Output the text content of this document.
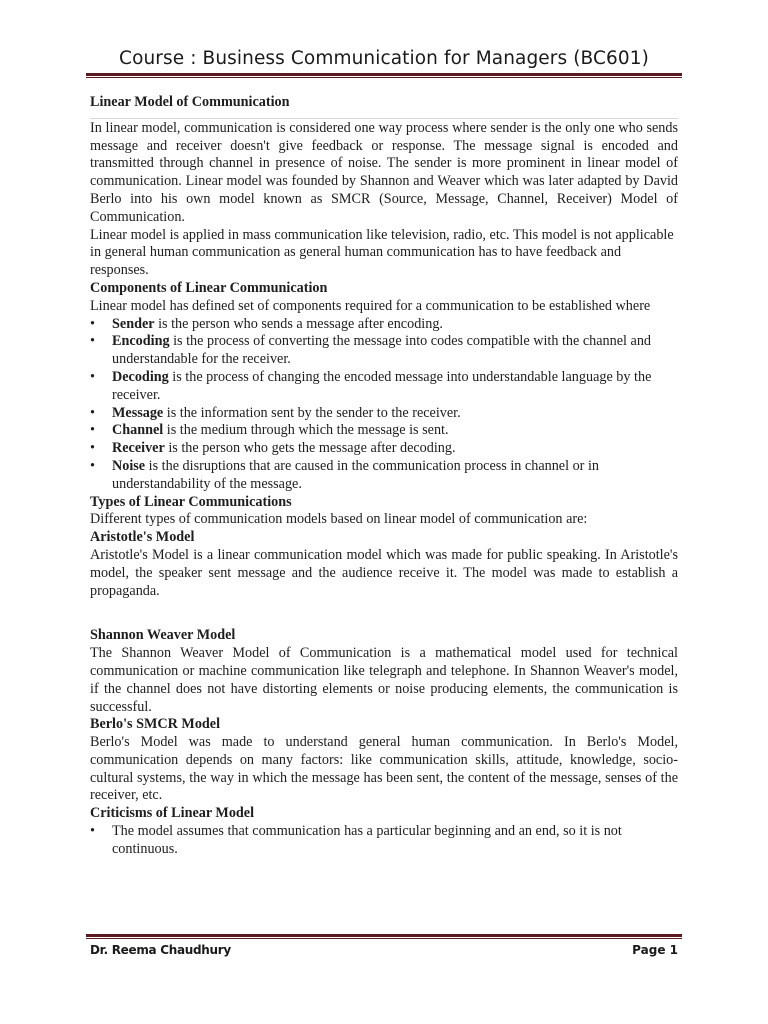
Course : Business Communication for Managers (BC601)

Linear Model of Communication

In linear model, communication is considered one way process where sender is the only one who sends message and receiver doesn't give feedback or response. The message signal is encoded and transmitted through channel in presence of noise. The sender is more prominent in linear model of communication. Linear model was founded by Shannon and Weaver which was later adapted by David Berlo into his own model known as SMCR (Source, Message, Channel, Receiver) Model of Communication.

Linear model is applied in mass communication like television, radio, etc. This model is not applicable in general human communication as general human communication has to have feedback and responses.

Components of Linear Communication

Linear model has defined set of components required for a communication to be established where

• Sender is the person who sends a message after encoding.
• Encoding is the process of converting the message into codes compatible with the channel and understandable for the receiver.
• Decoding is the process of changing the encoded message into understandable language by the receiver.
• Message is the information sent by the sender to the receiver.
• Channel is the medium through which the message is sent.
• Receiver is the person who gets the message after decoding.
• Noise is the disruptions that are caused in the communication process in channel or in understandability of the message.

Types of Linear Communications

Different types of communication models based on linear model of communication are:

Aristotle's Model

Aristotle's Model is a linear communication model which was made for public speaking. In Aristotle's model, the speaker sent message and the audience receive it. The model was made to establish a propaganda.

Shannon Weaver Model

The Shannon Weaver Model of Communication is a mathematical model used for technical communication or machine communication like telegraph and telephone. In Shannon Weaver's model, if the channel does not have distorting elements or noise producing elements, the communication is successful.

Berlo's SMCR Model

Berlo's Model was made to understand general human communication. In Berlo's Model, communication depends on many factors: like communication skills, attitude, knowledge, socio-cultural systems, the way in which the message has been sent, the content of the message, senses of the receiver, etc.

Criticisms of Linear Model

• The model assumes that communication has a particular beginning and an end, so it is not continuous.
Dr. Reema Chaudhury	Page 1
